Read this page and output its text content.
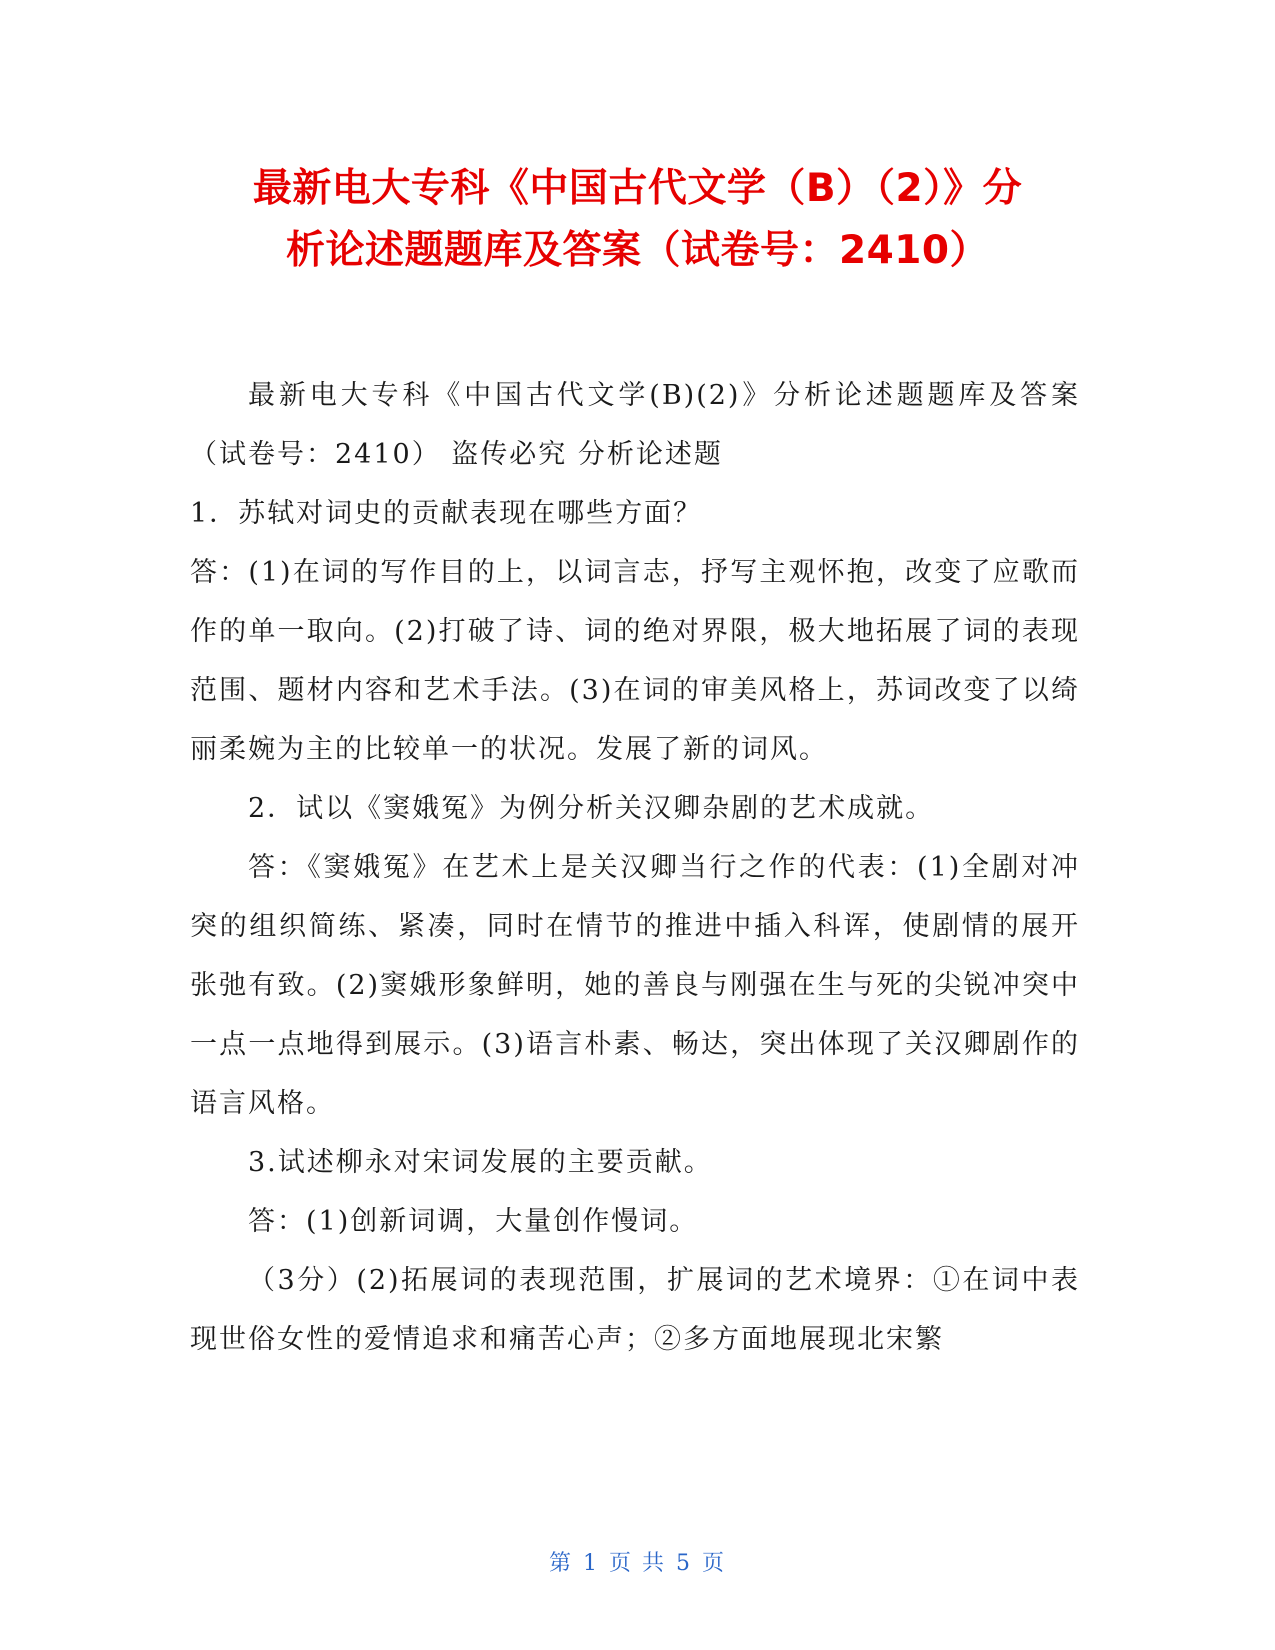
最新电大专科《中国古代文学（B）（2）》分
析论述题题库及答案（试卷号：2410）

最新电大专科《中国古代文学(B)(2)》分析论述题题库及答案（试卷号：2410） 盗传必究 分析论述题

1．苏轼对词史的贡献表现在哪些方面？

答：(1)在词的写作目的上，以词言志，抒写主观怀抱，改变了应歌而作的单一取向。(2)打破了诗、词的绝对界限，极大地拓展了词的表现范围、题材内容和艺术手法。(3)在词的审美风格上，苏词改变了以绮丽柔婉为主的比较单一的状况。发展了新的词风。

2．试以《窦娥冤》为例分析关汉卿杂剧的艺术成就。

答：《窦娥冤》在艺术上是关汉卿当行之作的代表：(1)全剧对冲突的组织简练、紧凑，同时在情节的推进中插入科诨，使剧情的展开张弛有致。(2)窦娥形象鲜明，她的善良与刚强在生与死的尖锐冲突中一点一点地得到展示。(3)语言朴素、畅达，突出体现了关汉卿剧作的语言风格。

3.试述柳永对宋词发展的主要贡献。

答：(1)创新词调，大量创作慢词。

（3分）(2)拓展词的表现范围，扩展词的艺术境界：①在词中表现世俗女性的爱情追求和痛苦心声；②多方面地展现北宋繁

第 1 页 共 5 页
